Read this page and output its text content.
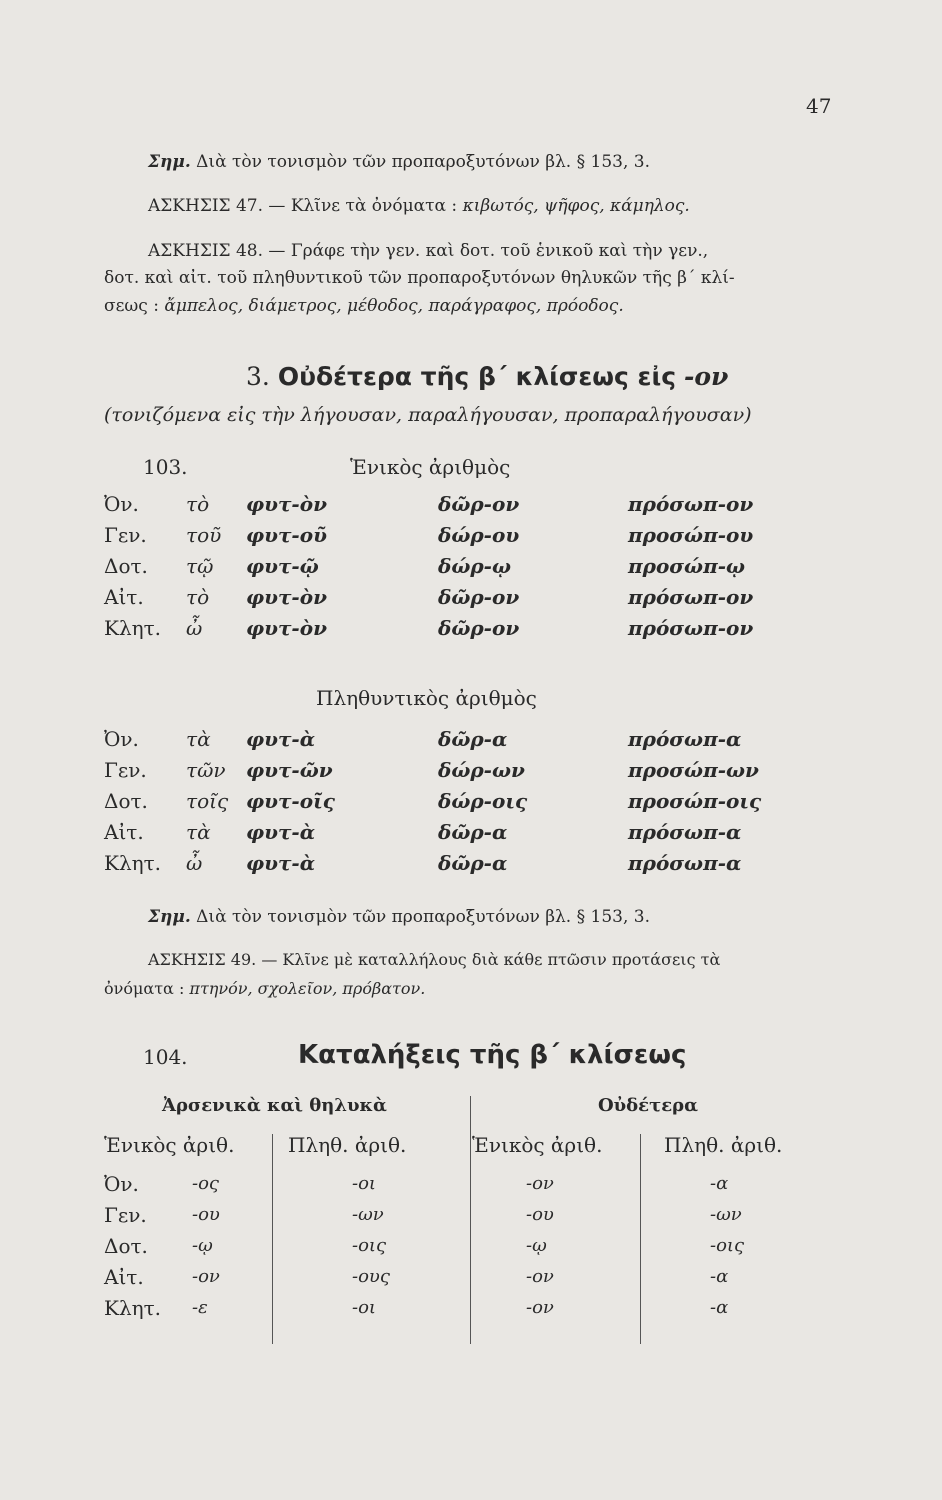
47
Σημ. Διὰ τὸν τονισμὸν τῶν προπαροξυτόνων βλ. § 153, 3.
ΑΣΚΗΣΙΣ 47. — Κλῖνε τὰ ὀνόματα : κιβωτός, ψῆφος, κάμηλος.
ΑΣΚΗΣΙΣ 48. — Γράφε τὴν γεν. καὶ δοτ. τοῦ ἑνικοῦ καὶ τὴν γεν.,
δοτ. καὶ αἰτ. τοῦ πληθυντικοῦ τῶν προπαροξυτόνων θηλυκῶν τῆς β΄ κλί-
σεως : ἄμπελος, διάμετρος, μέθοδος, παράγραφος, πρόοδος.
3. Οὐδέτερα τῆς β΄ κλίσεως εἰς -ον
(τονιζόμενα εἰς τὴν λήγουσαν, παραλήγουσαν, προπαραλήγουσαν)
103.	Ἑνικὸς ἀριθμὸς
Ὀν. τὸ φυτ-ὸν	δῶρ-ον	πρόσωπ-ον
Γεν. τοῦ φυτ-οῦ	δώρ-ου	προσώπ-ου
Δοτ. τῷ φυτ-ῷ	δώρ-ῳ	προσώπ-ῳ
Αἰτ. τὸ φυτ-ὸν	δῶρ-ον	πρόσωπ-ον
Κλητ. ὦ φυτ-ὸν	δῶρ-ον	πρόσωπ-ον
Πληθυντικὸς ἀριθμὸς
Ὀν. τὰ φυτ-ὰ	δῶρ-α	πρόσωπ-α
Γεν. τῶν φυτ-ῶν	δώρ-ων	προσώπ-ων
Δοτ. τοῖς φυτ-οῖς	δώρ-οις	προσώπ-οις
Αἰτ. τὰ φυτ-ὰ	δῶρ-α	πρόσωπ-α
Κλητ. ὦ φυτ-ὰ	δῶρ-α	πρόσωπ-α
Σημ. Διὰ τὸν τονισμὸν τῶν προπαροξυτόνων βλ. § 153, 3.
ΑΣΚΗΣΙΣ 49. — Κλῖνε μὲ καταλλήλους διὰ κάθε πτῶσιν προτάσεις τὰ
ὀνόματα : πτηνόν, σχολεῖον, πρόβατον.
104.	Καταλήξεις τῆς β΄ κλίσεως
Ἀρσενικὰ καὶ θηλυκὰ	Οὐδέτερα
Ἑνικὸς ἀριθ.	Πληθ. ἀριθ.	Ἑνικὸς ἀριθ.	Πληθ. ἀριθ.
Ὀν.	-ος	-οι	-ον	-α
Γεν.	-ου	-ων	-ου	-ων
Δοτ. -ῳ	-οις	-ῳ	-οις
Αἰτ.	-ον	-ους	-ον	-α
Κλητ. -ε	-οι	-ον	-α
